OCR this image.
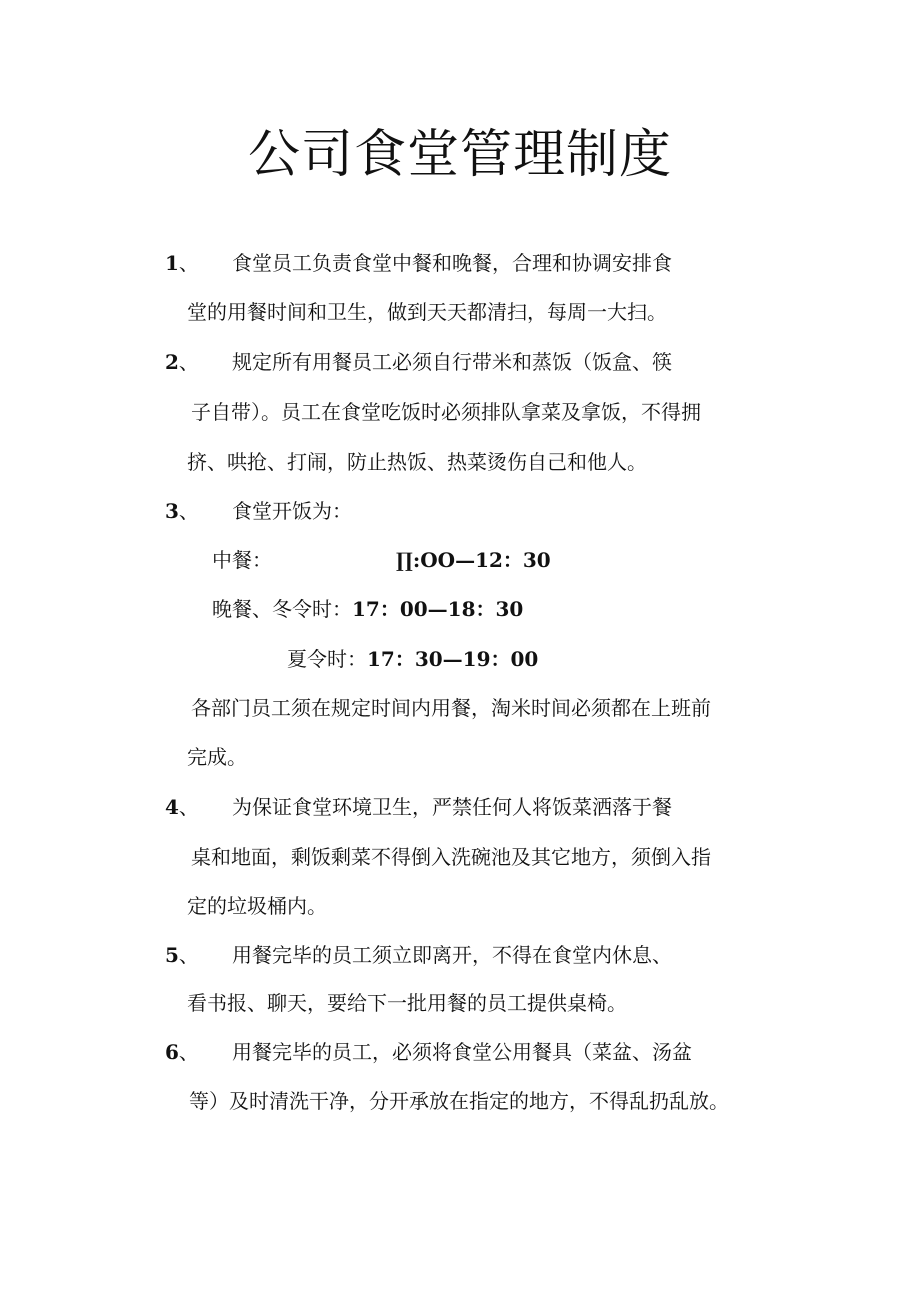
公司食堂管理制度
1、 食堂员工负责食堂中餐和晚餐，合理和协调安排食
堂的用餐时间和卫生，做到天天都清扫，每周一大扫。
2、 规定所有用餐员工必须自行带米和蒸饭（饭盒、筷
子自带）。员工在食堂吃饭时必须排队拿菜及拿饭，不得拥
挤、哄抢、打闹，防止热饭、热菜烫伤自己和他人。
3、 食堂开饭为：
中餐：	∏:OO—12：30
晚餐、冬令时：17：00—18：30
夏令时：17：30—19：00
各部门员工须在规定时间内用餐，淘米时间必须都在上班前
完成。
4、 为保证食堂环境卫生，严禁任何人将饭菜洒落于餐
桌和地面，剩饭剩菜不得倒入洗碗池及其它地方，须倒入指
定的垃圾桶内。
5、 用餐完毕的员工须立即离开，不得在食堂内休息、
看书报、聊天，要给下一批用餐的员工提供桌椅。
6、 用餐完毕的员工，必须将食堂公用餐具（菜盆、汤盆
等）及时清洗干净，分开承放在指定的地方，不得乱扔乱放。
